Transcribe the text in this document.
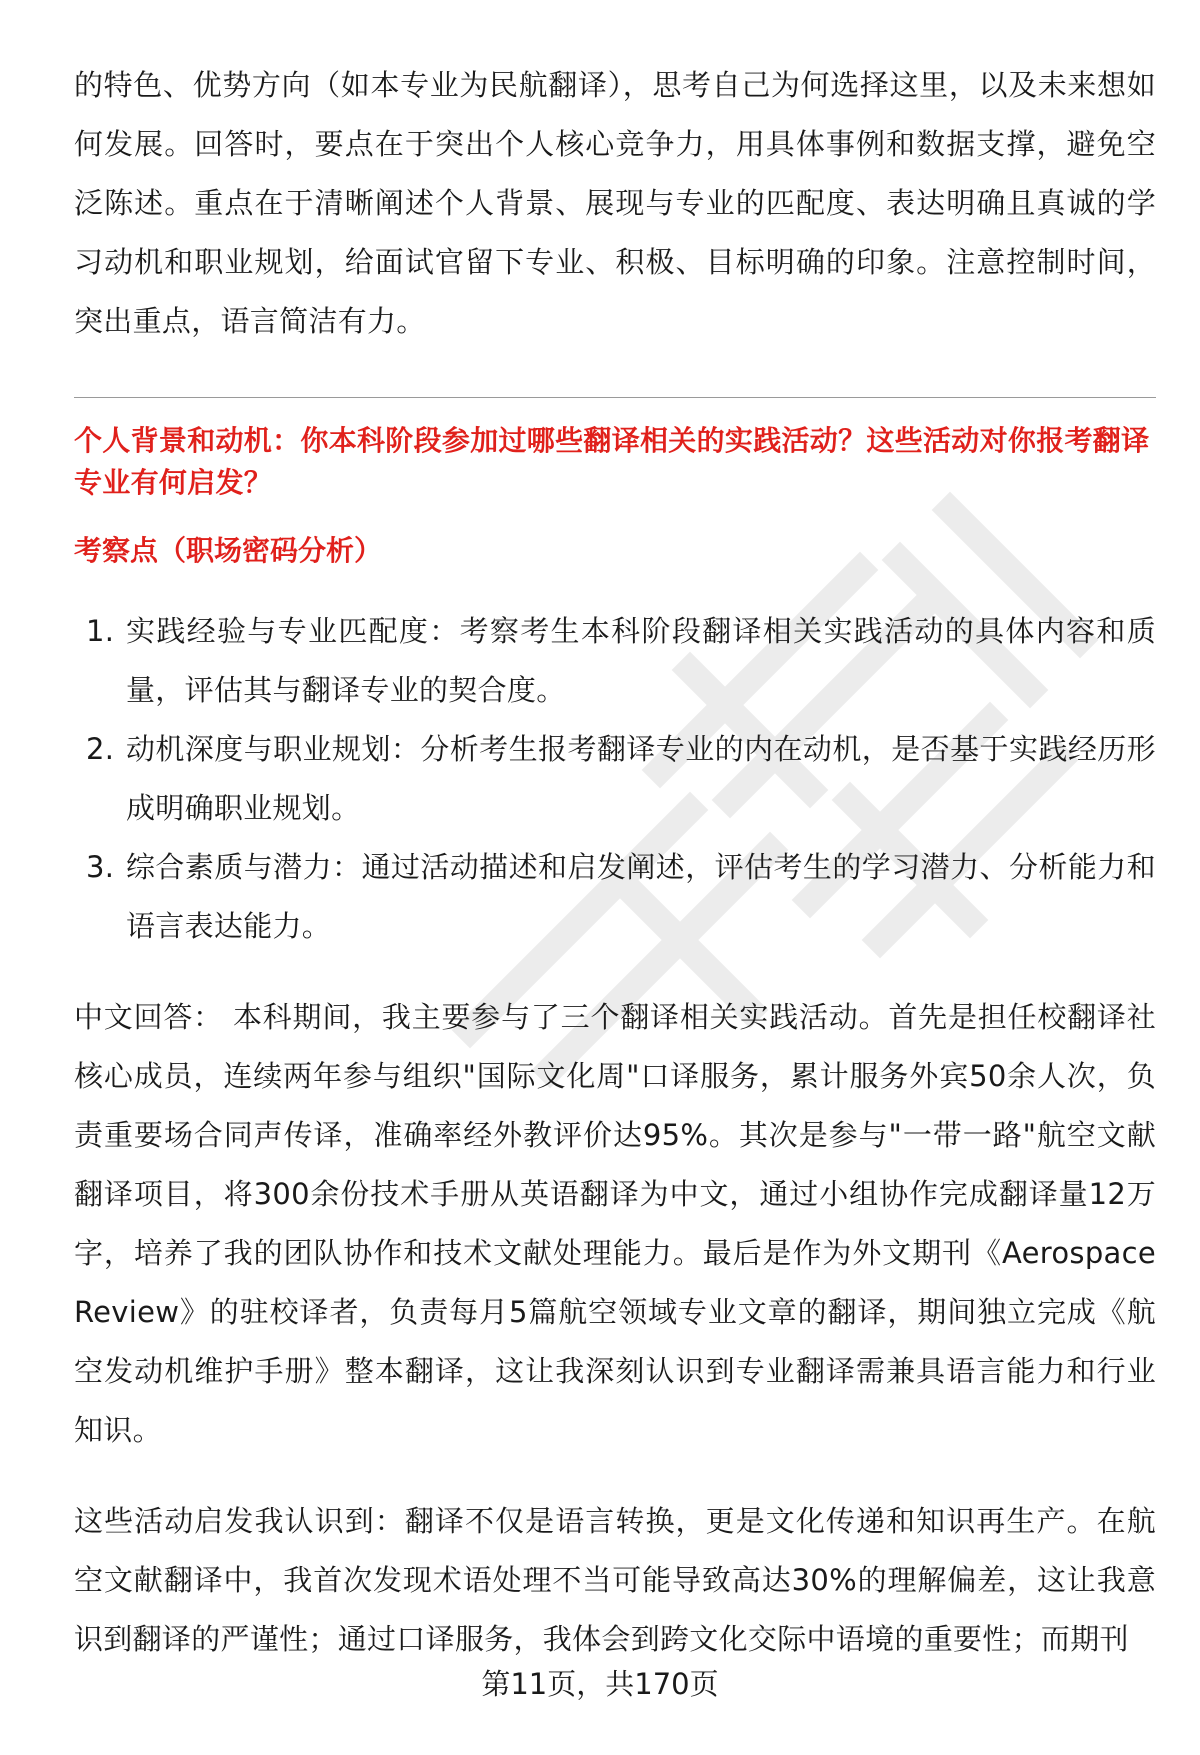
的特色、优势方向（如本专业为民航翻译），思考自己为何选择这里，以及未来想如何发展。回答时，要点在于突出个人核心竞争力，用具体事例和数据支撑，避免空泛陈述。重点在于清晰阐述个人背景、展现与专业的匹配度、表达明确且真诚的学习动机和职业规划，给面试官留下专业、积极、目标明确的印象。注意控制时间，突出重点，语言简洁有力。

个人背景和动机：你本科阶段参加过哪些翻译相关的实践活动？这些活动对你报考翻译专业有何启发？

考察点（职场密码分析）

1. 实践经验与专业匹配度：考察考生本科阶段翻译相关实践活动的具体内容和质量，评估其与翻译专业的契合度。
2. 动机深度与职业规划：分析考生报考翻译专业的内在动机，是否基于实践经历形成明确职业规划。
3. 综合素质与潜力：通过活动描述和启发阐述，评估考生的学习潜力、分析能力和语言表达能力。

中文回答： 本科期间，我主要参与了三个翻译相关实践活动。首先是担任校翻译社核心成员，连续两年参与组织"国际文化周"口译服务，累计服务外宾50余人次，负责重要场合同声传译，准确率经外教评价达95%。其次是参与"一带一路"航空文献翻译项目，将300余份技术手册从英语翻译为中文，通过小组协作完成翻译量12万字，培养了我的团队协作和技术文献处理能力。最后是作为外文期刊《Aerospace Review》的驻校译者，负责每月5篇航空领域专业文章的翻译，期间独立完成《航空发动机维护手册》整本翻译，这让我深刻认识到专业翻译需兼具语言能力和行业知识。

这些活动启发我认识到：翻译不仅是语言转换，更是文化传递和知识再生产。在航空文献翻译中，我首次发现术语处理不当可能导致高达30%的理解偏差，这让我意识到翻译的严谨性；通过口译服务，我体会到跨文化交际中语境的重要性；而期刊

第11页，共170页
